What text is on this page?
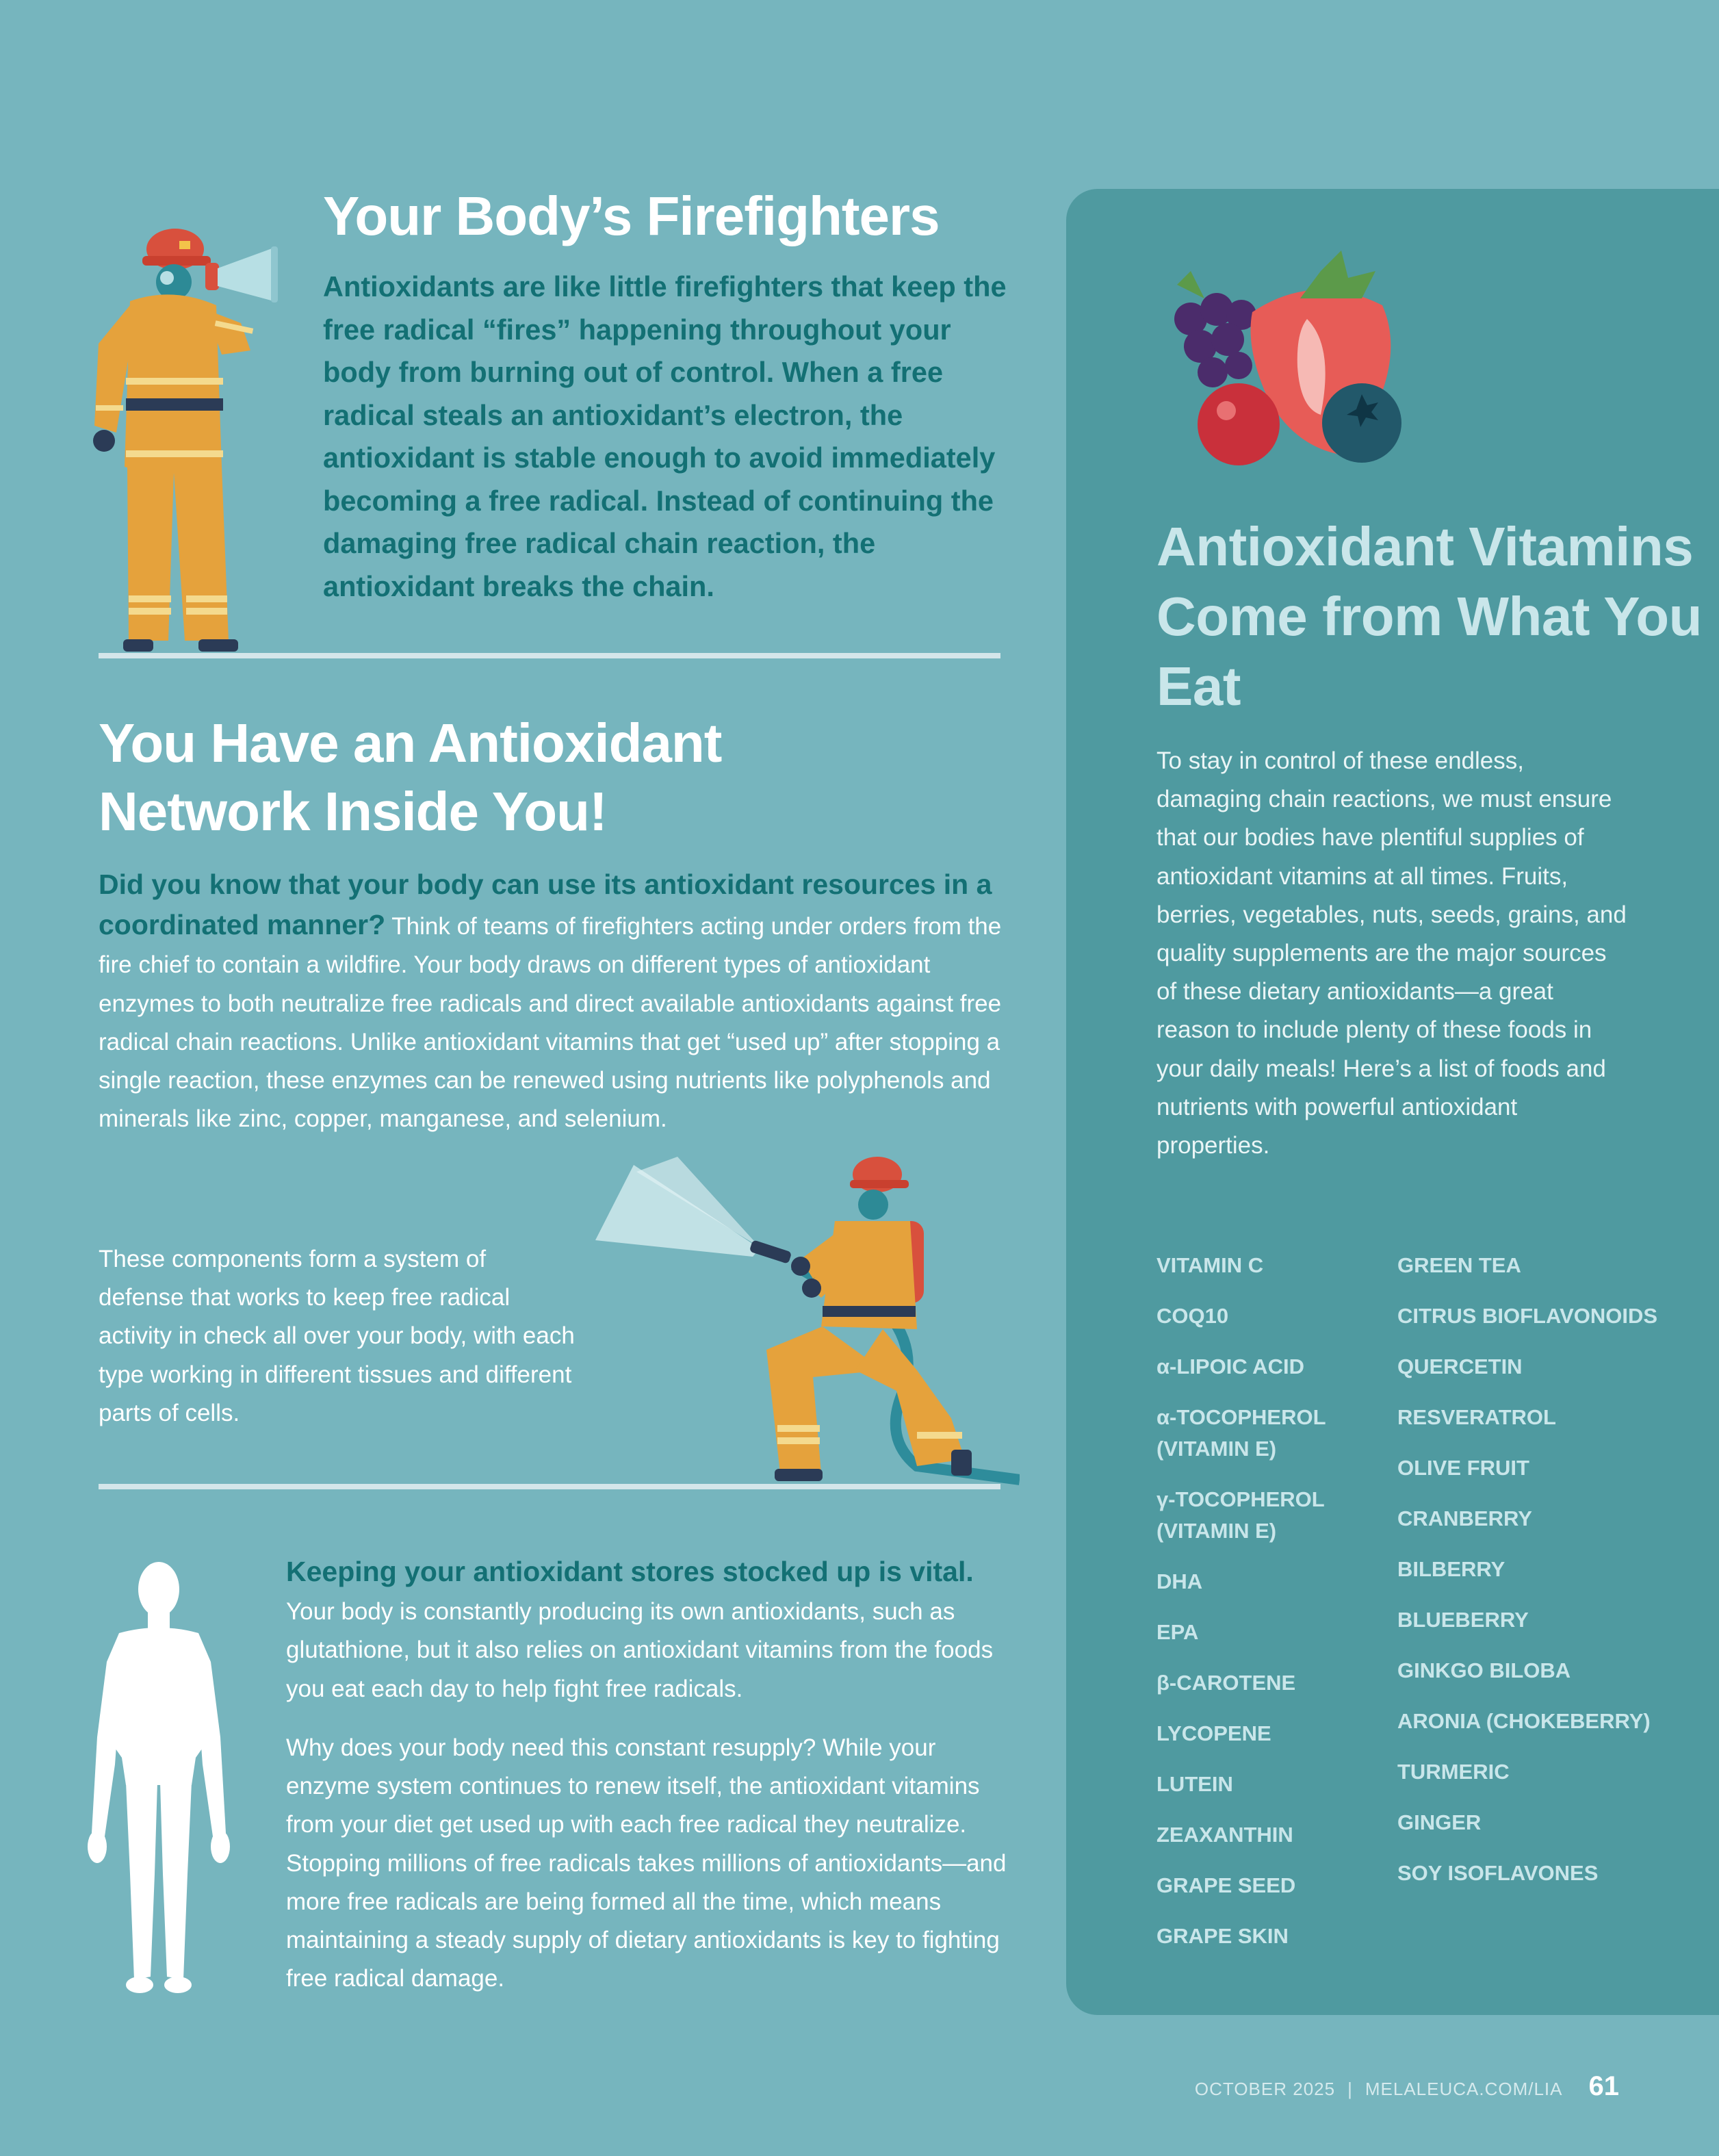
Your Body’s Firefighters

Antioxidants are like little firefighters that keep the free radical “fires” happening throughout your body from burning out of control. When a free radical steals an antioxidant’s electron, the antioxidant is stable enough to avoid immediately becoming a free radical. Instead of continuing the damaging free radical chain reaction, the antioxidant breaks the chain.

You Have an Antioxidant Network Inside You!

Did you know that your body can use its antioxidant resources in a coordinated manner? Think of teams of firefighters acting under orders from the fire chief to contain a wildfire. Your body draws on different types of antioxidant enzymes to both neutralize free radicals and direct available antioxidants against free radical chain reactions. Unlike antioxidant vitamins that get “used up” after stopping a single reaction, these enzymes can be renewed using nutrients like polyphenols and minerals like zinc, copper, manganese, and selenium.

These components form a system of defense that works to keep free radical activity in check all over your body, with each type working in different tissues and different parts of cells.

Keeping your antioxidant stores stocked up is vital. Your body is constantly producing its own antioxidants, such as glutathione, but it also relies on antioxidant vitamins from the foods you eat each day to help fight free radicals.

Why does your body need this constant resupply? While your enzyme system continues to renew itself, the antioxidant vitamins from your diet get used up with each free radical they neutralize. Stopping millions of free radicals takes millions of antioxidants—and more free radicals are being formed all the time, which means maintaining a steady supply of dietary antioxidants is key to fighting free radical damage.

Antioxidant Vitamins Come from What You Eat

To stay in control of these endless, damaging chain reactions, we must ensure that our bodies have plentiful supplies of antioxidant vitamins at all times. Fruits, berries, vegetables, nuts, seeds, grains, and quality supplements are the major sources of these dietary antioxidants—a great reason to include plenty of these foods in your daily meals! Here’s a list of foods and nutrients with powerful antioxidant properties.

VITAMIN C
COQ10
α-LIPOIC ACID
α-TOCOPHEROL (VITAMIN E)
γ-TOCOPHEROL (VITAMIN E)
DHA
EPA
β-CAROTENE
LYCOPENE
LUTEIN
ZEAXANTHIN
GRAPE SEED
GRAPE SKIN
GREEN TEA
CITRUS BIOFLAVONOIDS
QUERCETIN
RESVERATROL
OLIVE FRUIT
CRANBERRY
BILBERRY
BLUEBERRY
GINKGO BILOBA
ARONIA (CHOKEBERRY)
TURMERIC
GINGER
SOY ISOFLAVONES
OCTOBER 2025 | MELALEUCA.COM/LIA 61
